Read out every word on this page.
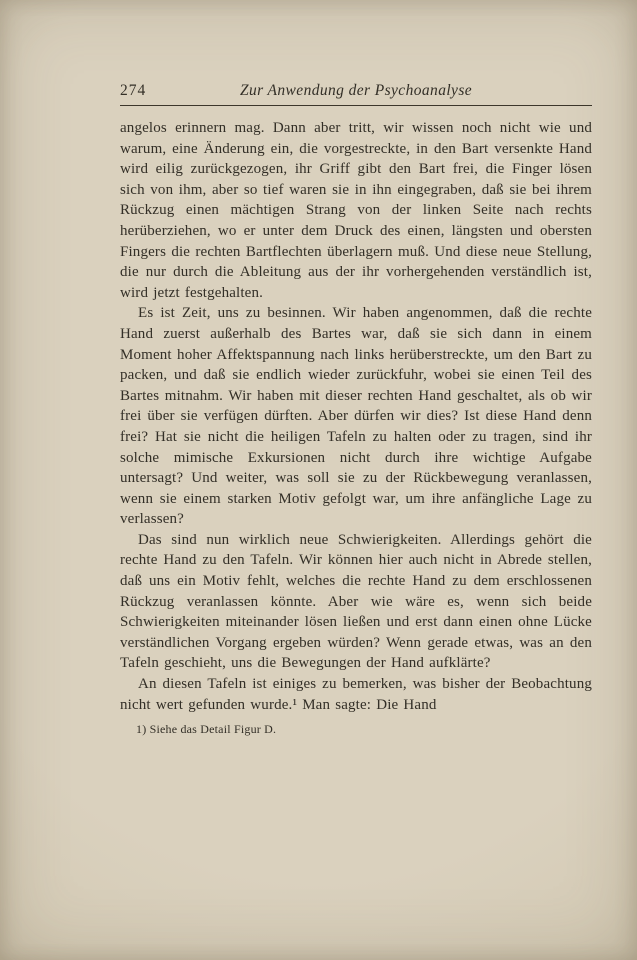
274	Zur Anwendung der Psychoanalyse

angelos erinnern mag. Dann aber tritt, wir wissen noch nicht wie und warum, eine Änderung ein, die vorgestreckte, in den Bart versenkte Hand wird eilig zurückgezogen, ihr Griff gibt den Bart frei, die Finger lösen sich von ihm, aber so tief waren sie in ihn eingegraben, daß sie bei ihrem Rückzug einen mächtigen Strang von der linken Seite nach rechts herüberziehen, wo er unter dem Druck des einen, längsten und obersten Fingers die rechten Bartflechten überlagern muß. Und diese neue Stellung, die nur durch die Ableitung aus der ihr vorhergehenden verständlich ist, wird jetzt festgehalten.

Es ist Zeit, uns zu besinnen. Wir haben angenommen, daß die rechte Hand zuerst außerhalb des Bartes war, daß sie sich dann in einem Moment hoher Affektspannung nach links herüberstreckte, um den Bart zu packen, und daß sie endlich wieder zurückfuhr, wobei sie einen Teil des Bartes mitnahm. Wir haben mit dieser rechten Hand geschaltet, als ob wir frei über sie verfügen dürften. Aber dürfen wir dies? Ist diese Hand denn frei? Hat sie nicht die heiligen Tafeln zu halten oder zu tragen, sind ihr solche mimische Exkursionen nicht durch ihre wichtige Aufgabe untersagt? Und weiter, was soll sie zu der Rückbewegung veranlassen, wenn sie einem starken Motiv gefolgt war, um ihre anfängliche Lage zu verlassen?

Das sind nun wirklich neue Schwierigkeiten. Allerdings gehört die rechte Hand zu den Tafeln. Wir können hier auch nicht in Abrede stellen, daß uns ein Motiv fehlt, welches die rechte Hand zu dem erschlossenen Rückzug veranlassen könnte. Aber wie wäre es, wenn sich beide Schwierigkeiten miteinander lösen ließen und erst dann einen ohne Lücke verständlichen Vorgang ergeben würden? Wenn gerade etwas, was an den Tafeln geschieht, uns die Bewegungen der Hand aufklärte?

An diesen Tafeln ist einiges zu bemerken, was bisher der Beobachtung nicht wert gefunden wurde.¹ Man sagte: Die Hand

1) Siehe das Detail Figur D.
